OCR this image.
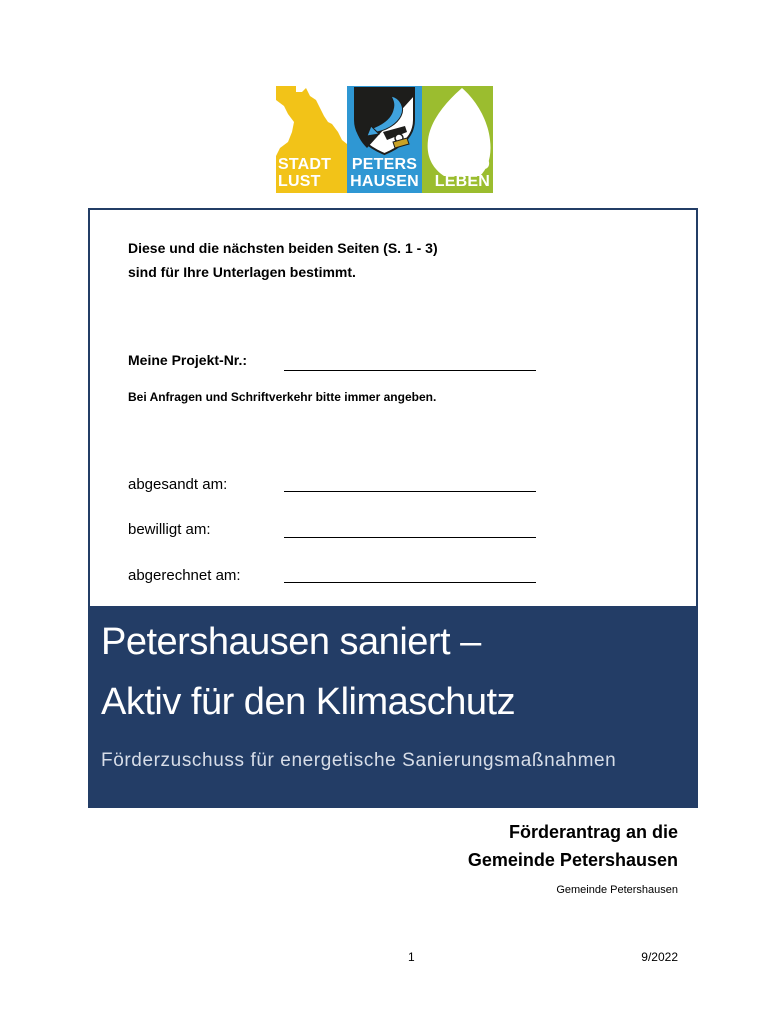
STADT
LUST
PETERS
HAUSEN
LAND
LEBEN
Diese und die nächsten beiden Seiten (S. 1 - 3)
sind für Ihre Unterlagen bestimmt.
Meine Projekt-Nr.:
Bei Anfragen und Schriftverkehr bitte immer angeben.
abgesandt am:
bewilligt am:
abgerechnet am:
Petershausen saniert –
Aktiv für den Klimaschutz
Förderzuschuss für energetische Sanierungsmaßnahmen
Förderantrag an die
Gemeinde Petershausen
Gemeinde Petershausen
1	9/2022
